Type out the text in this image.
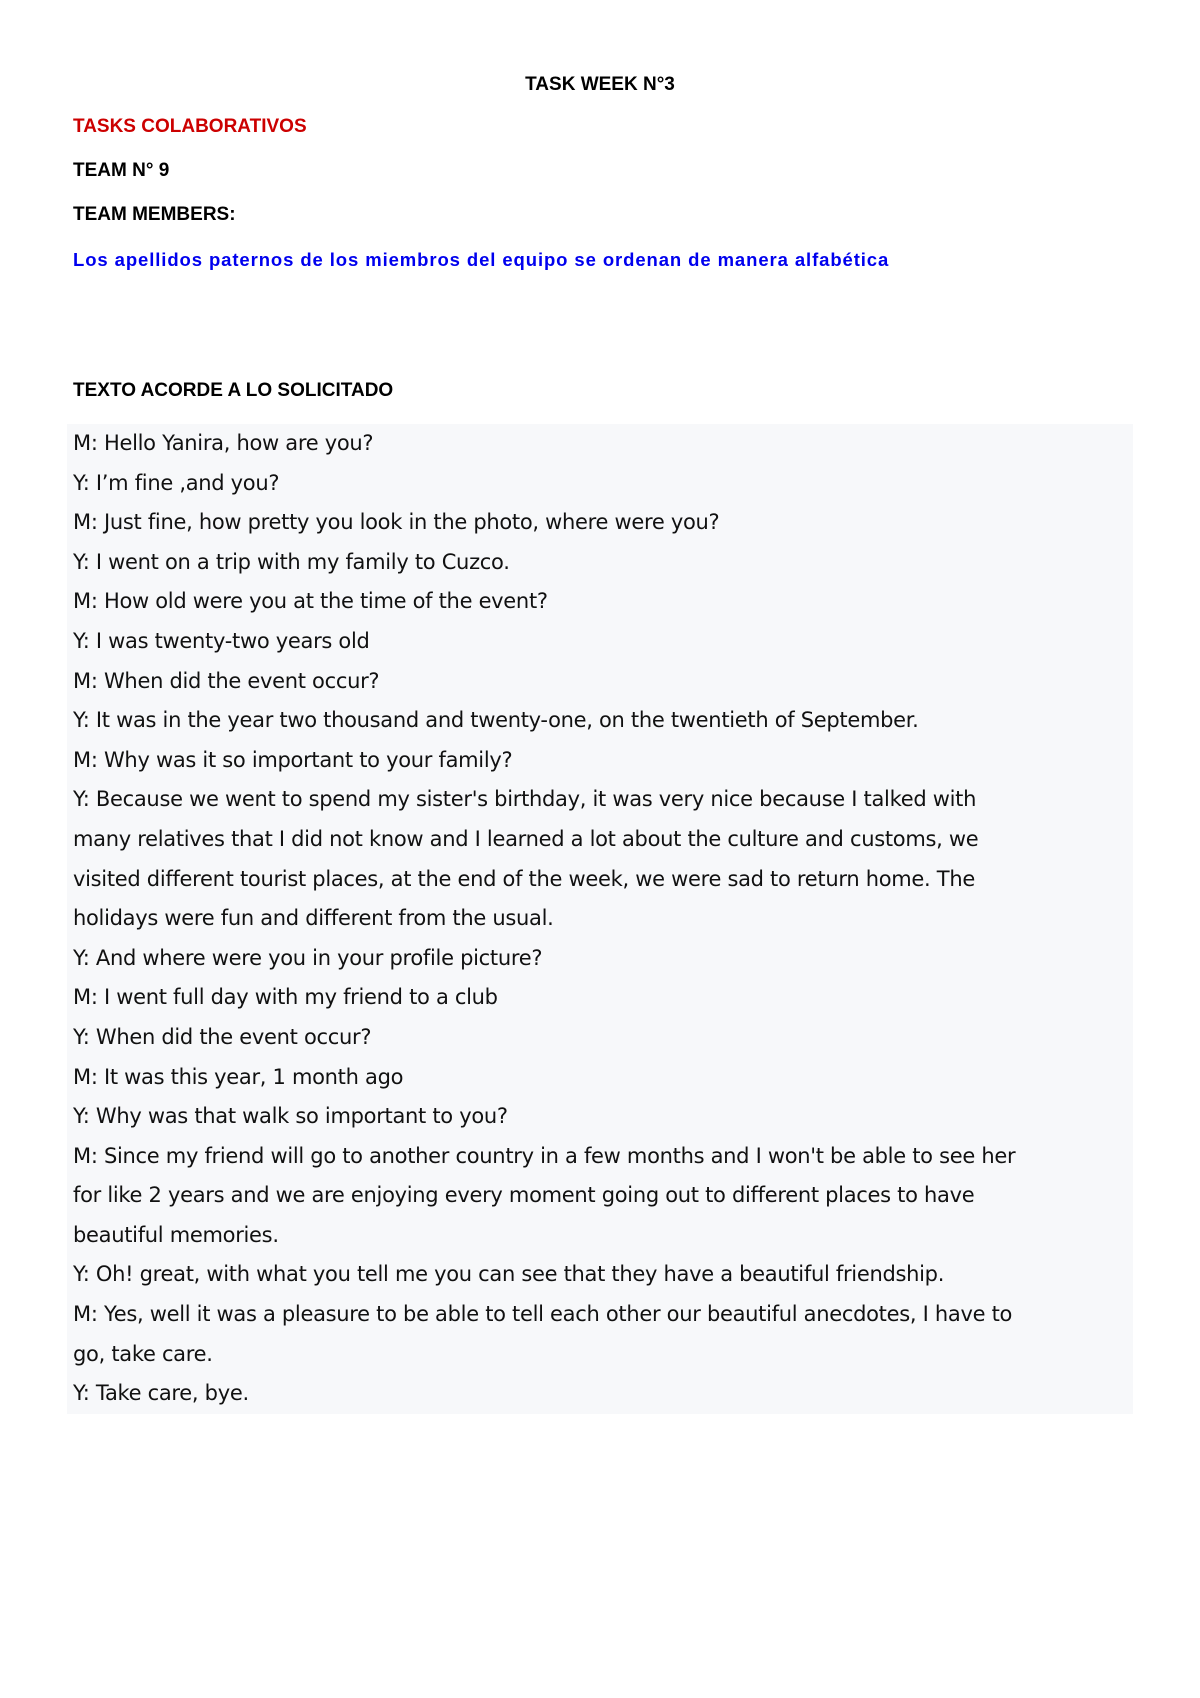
TASK WEEK N°3
TASKS COLABORATIVOS
TEAM N° 9
TEAM MEMBERS:
Los apellidos paternos de los miembros del equipo se ordenan de manera alfabética
TEXTO ACORDE A LO SOLICITADO
M: Hello Yanira, how are you?
Y: I’m fine ,and you?
M: Just fine, how pretty you look in the photo, where were you?
Y: I went on a trip with my family to Cuzco.
M: How old were you at the time of the event?
Y: I was twenty-two years old
M: When did the event occur?
Y: It was in the year two thousand and twenty-one, on the twentieth of September.
M: Why was it so important to your family?
Y: Because we went to spend my sister's birthday, it was very nice because I talked with
many relatives that I did not know and I learned a lot about the culture and customs, we
visited different tourist places, at the end of the week, we were sad to return home. The
holidays were fun and different from the usual.
Y: And where were you in your profile picture?
M: I went full day with my friend to a club
Y: When did the event occur?
M: It was this year, 1 month ago
Y: Why was that walk so important to you?
M: Since my friend will go to another country in a few months and I won't be able to see her
for like 2 years and we are enjoying every moment going out to different places to have
beautiful memories.
Y: Oh! great, with what you tell me you can see that they have a beautiful friendship.
M: Yes, well it was a pleasure to be able to tell each other our beautiful anecdotes, I have to
go, take care.
Y: Take care, bye.
